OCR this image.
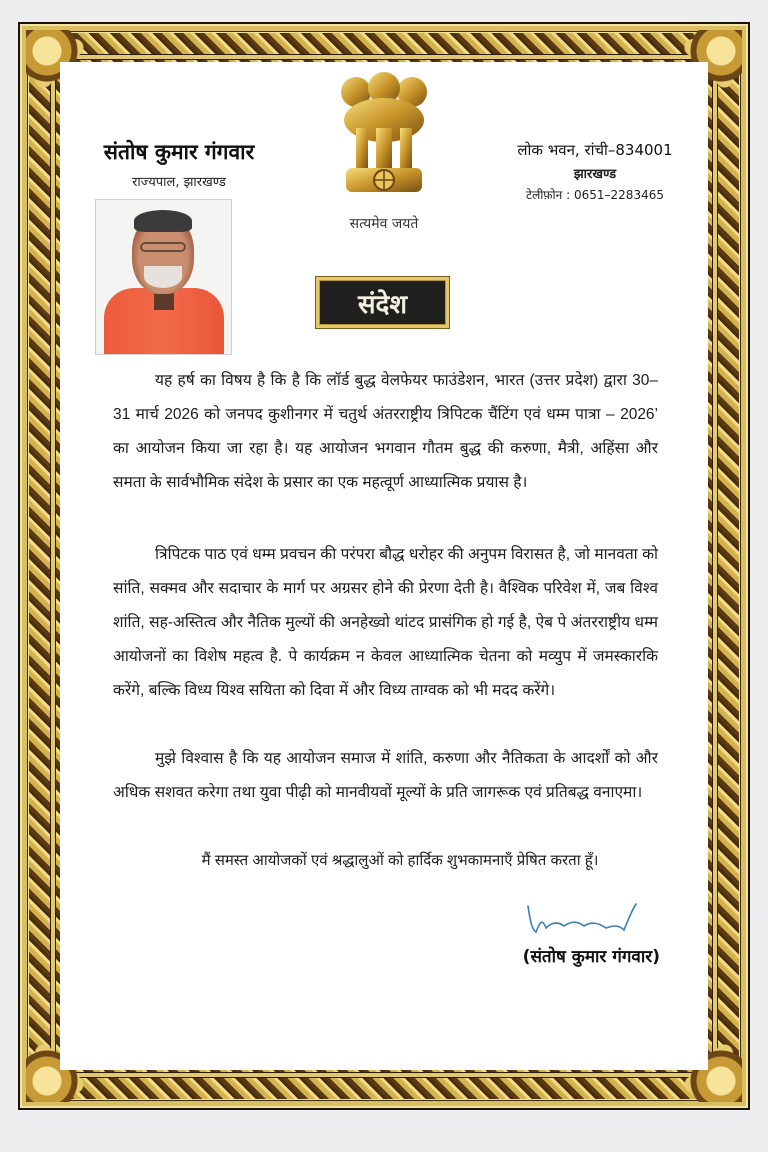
संतोष कुमार गंगवार
राज्यपाल, झारखण्ड
सत्यमेव जयते
लोक भवन, रांची–834001
झारखण्ड
टेलीफ़ोन : 0651–2283465
संदेश

यह हर्ष का विषय है कि है कि लॉर्ड बुद्ध वेलफेयर फाउंडेशन, भारत (उत्तर प्रदेश) द्वारा 30–31 मार्च 2026 को जनपद कुशीनगर में चतुर्थ अंतरराष्ट्रीय त्रिपिटक चैंटिंग एवं धम्म पात्रा – 2026’ का आयोजन किया जा रहा है। यह आयोजन भगवान गौतम बुद्ध की करुणा, मैत्री, अहिंसा और समता के सार्वभौमिक संदेश के प्रसार का एक महत्वूर्ण आध्यात्मिक प्रयास है।

त्रिपिटक पाठ एवं धम्म प्रवचन की परंपरा बौद्ध धरोहर की अनुपम विरासत है, जो मानवता को सांति, सक्मव और सदाचार के मार्ग पर अग्रसर होने की प्रेरणा देती है। वैश्विक परिवेश में, जब विश्व शांति, सह-अस्तित्व और नैतिक मुल्यों की अनहेख्वो थांटद प्रासंगिक हो गई है, ऐब पे अंतरराष्ट्रीय धम्म आयोजनों का विशेष महत्व है. पे कार्यक्रम न केवल आध्यात्मिक चेतना को मव्युप में जमस्कारकि करेंगे, बल्कि विध्य यिश्व सयिता को दिवा में और विध्य ताग्वक को भी मदद करेंगे।

मुझे विश्वास है कि यह आयोजन समाज में शांति, करुणा और नैतिकता के आदर्शों को और अधिक सशवत करेगा तथा युवा पीढ़ी को मानवीयवों मूल्यों के प्रति जागरूक एवं प्रतिबद्ध वनाएमा।

मैं समस्त आयोजकों एवं श्रद्धालुओं को हार्दिक शुभकामनाएँ प्रेषित करता हूँ।
(संतोष कुमार गंगवार)
